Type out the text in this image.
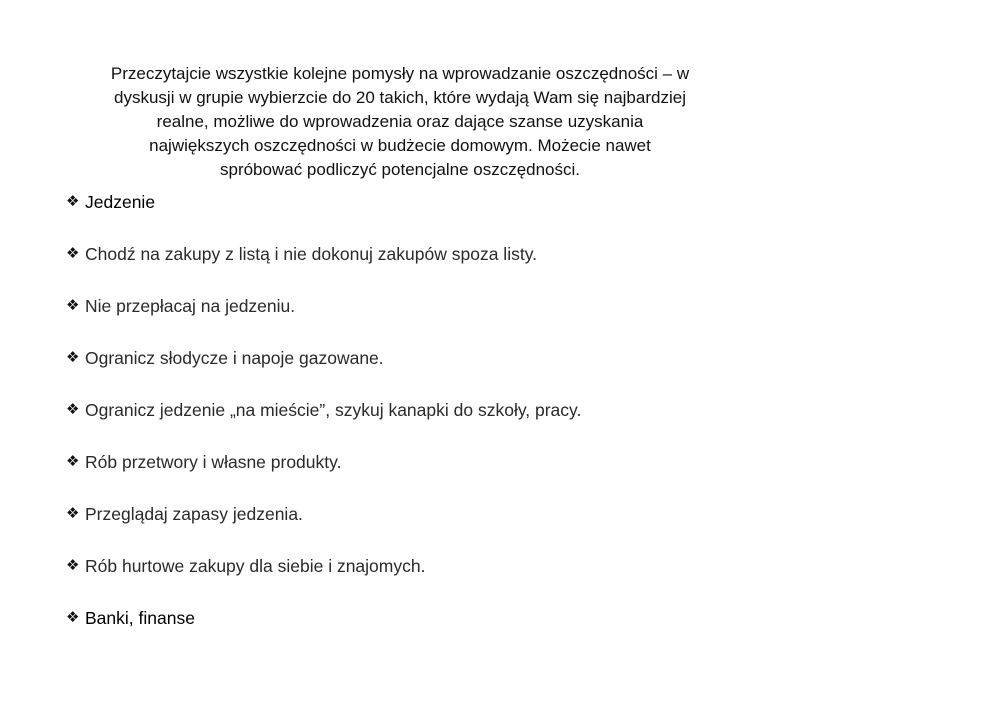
Przeczytajcie wszystkie kolejne pomysły na wprowadzanie oszczędności – w
dyskusji w grupie wybierzcie do 20 takich, które wydają Wam się najbardziej
realne, możliwe do wprowadzenia oraz dające szanse uzyskania
największych oszczędności w budżecie domowym. Możecie nawet
spróbować podliczyć potencjalne oszczędności.
❖ Jedzenie
❖ Chodź na zakupy z listą i nie dokonuj zakupów spoza listy.
❖ Nie przepłacaj na jedzeniu.
❖ Ogranicz słodycze i napoje gazowane.
❖ Ogranicz jedzenie „na mieście”, szykuj kanapki do szkoły, pracy.
❖ Rób przetwory i własne produkty.
❖ Przeglądaj zapasy jedzenia.
❖ Rób hurtowe zakupy dla siebie i znajomych.
❖ Banki, finanse
